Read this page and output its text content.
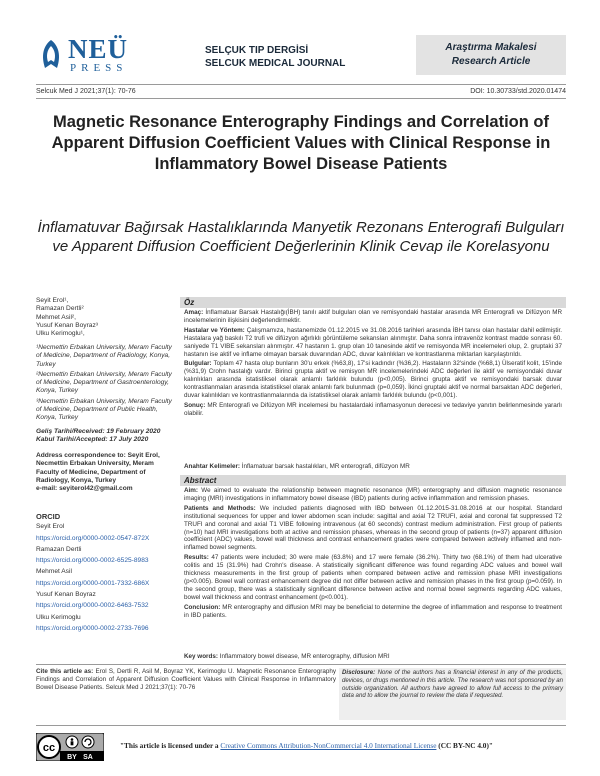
NEÜ
PRESS
SELÇUK TIP DERGİSİ
SELCUK MEDICAL JOURNAL
Araştırma Makalesi
Research Article
Selcuk Med J 2021;37(1): 70-76	DOI: 10.30733/std.2020.01474
Magnetic Resonance Enterography Findings and Correlation of Apparent Diffusion Coefficient Values with Clinical Response in Inflammatory Bowel Disease Patients
İnflamatuvar Bağırsak Hastalıklarında Manyetik Rezonans Enterografi Bulguları ve Apparent Diffusion Coefficient Değerlerinin Klinik Cevap ile Korelasyonu
Seyit Erol¹,
Ramazan Dertli²
Mehmet Asil²,
Yusuf Kenan Boyraz³
Ulku Kerimoglu¹,
¹Necmettin Erbakan University, Meram Faculty of Medicine, Department of Radiology, Konya, Turkey
²Necmettin Erbakan University, Meram Faculty of Medicine, Department of Gastroenterology, Konya, Turkey
³Necmettin Erbakan University, Meram Faculty of Medicine, Department of Public Health, Konya, Turkey
Geliş Tarihi/Received: 19 February 2020
Kabul Tarihi/Accepted: 17 July 2020
Address correspondence to: Seyit Erol, Necmettin Erbakan University, Meram Faculty of Medicine, Department of Radiology, Konya, Turkey
e-mail: seyiterol42@gmail.com
ORCID
Seyit Erol
https://orcid.org/0000-0002-0547-872X
Ramazan Dertli
https://orcid.org/0000-0002-6525-8983
Mehmet Asil
https://orcid.org/0000-0001-7332-686X
Yusuf Kenan Boyraz
https://orcid.org/0000-0002-6463-7532
Ulku Kerimoglu
https://orcid.org/0000-0002-2733-7696
Öz
Amaç: İnflamatuar Barsak Hastalığı(İBH) tanılı aktif bulguları olan ve remisyondaki hastalar arasında MR Enterografi ve Difüzyon MR incelemelerinin ilişkisini değerlendirmektir.
Hastalar ve Yöntem: Çalışmamıza, hastanemizde 01.12.2015 ve 31.08.2016 tarihleri arasında İBH tanısı olan hastalar dahil edilmiştir. Hastalara yağ baskılı T2 trufi ve difüzyon ağırlıklı görüntüleme sekansları alınmıştır. Daha sonra intravenöz kontrast madde sonrası 60. saniyede T1 VIBE sekansları alınmıştır. 47 hastanın 1. grup olan 10 tanesinde aktif ve remisyonda MR incelemeleri olup, 2. gruptaki 37 hastanın ise aktif ve inflame olmayan barsak duvarından ADC, duvar kalınlıkları ve kontrastlanma miktarları karşılaştırıldı.
Bulgular: Toplam 47 hasta olup bunların 30'u erkek (%63,8), 17'si kadındır (%36,2). Hastaların 32'sinde (%68,1) Ülseratif kolit, 15'inde (%31,9) Crohn hastalığı vardır. Birinci grupta aktif ve remisyon MR incelemelerindeki ADC değerleri ile aktif ve remisyondaki duvar kalınlıkları arasında istatistiksel olarak anlamlı farklılık bulundu (p<0,005). Birinci grupta aktif ve remisyondaki barsak duvar kontrastlanmaları arasında istatistiksel olarak anlamlı fark bulunmadı (p=0,059). İkinci gruptaki aktif ve normal barsaktan ADC değerleri, duvar kalınlıkları ve kontrastlanmalarında da istatistiksel olarak anlamlı farklılık bulundu (p<0,001).
Sonuç: MR Enterografi ve Difüzyon MR incelemesi bu hastalardaki inflamasyonun derecesi ve tedaviye yanıtın belirlenmesinde yararlı olabilir.
Anahtar Kelimeler: İnflamatuar barsak hastalıkları, MR enterografi, difüzyon MR
Abstract
Aim: We aimed to evaluate the relationship between magnetic resonance (MR) enterography and diffusion magnetic resonance imaging (MRI) investigations in inflammatory bowel disease (IBD) patients during active inflammation and remission phases.
Patients and Methods: We included patients diagnosed with IBD between 01.12.2015-31.08.2016 at our hospital. Standard institutional sequences for upper and lower abdomen scan include: sagittal and axial T2 TRUFI, axial and coronal fat suppressed T2 TRUFI and coronal and axial T1 VIBE following intravenous (at 60 seconds) contrast medium administration. First group of patients (n=10) had MRI investigations both at active and remission phases, whereas in the second group of patients (n=37) apparent diffusion coefficient (ADC) values, bowel wall thickness and contrast enhancement grades were compared between actively inflamed and non-inflamed bowel segments.
Results: 47 patients were included; 30 were male (63.8%) and 17 were female (36.2%). Thirty two (68.1%) of them had ulcerative colitis and 15 (31.9%) had Crohn's disease. A statistically significant difference was found regarding ADC values and bowel wall thickness measurements in the first group of patients when compared between active and remission phase MRI investigations (p<0.005). Bowel wall contrast enhancement degree did not differ between active and remission phases in the first group (p=0.059). In the second group, there was a statistically significant difference between active and normal bowel segments regarding ADC values, bowel wall thickness and contrast enhancement (p<0.001).
Conclusion: MR enterography and diffusion MRI may be beneficial to determine the degree of inflammation and response to treatment in IBD patients.
Key words: Inflammatory bowel disease, MR enterography, diffusion MRI
Cite this article as: Erol S, Dertli R, Asil M, Boyraz YK, Kerimoglu U. Magnetic Resonance Enterography Findings and Correlation of Apparent Diffusion Coefficient Values with Clinical Response in Inflammatory Bowel Disease Patients. Selcuk Med J 2021;37(1): 70-76
Disclosure: None of the authors has a financial interest in any of the products, devices, or drugs mentioned in this article. The research was not sponsored by an outside organization. All authors have agreed to allow full access to the primary data and to allow the journal to review the data if requested.
cc
BY SA
"This article is licensed under a Creative Commons Attribution-NonCommercial 4.0 International License (CC BY-NC 4.0)"
